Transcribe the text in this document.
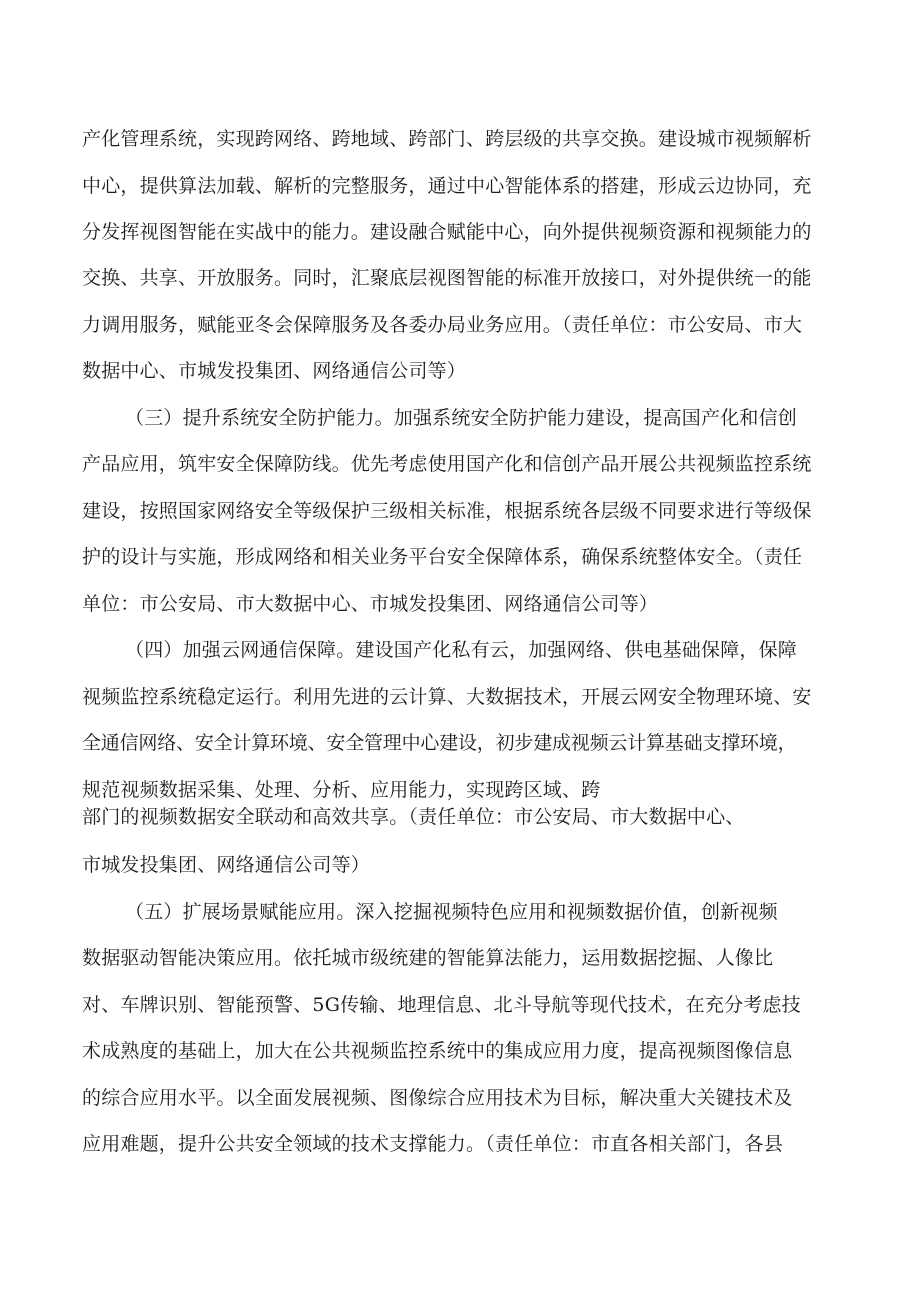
产化管理系统，实现跨网络、跨地域、跨部门、跨层级的共享交换。建设城市视频解析
中心，提供算法加载、解析的完整服务，通过中心智能体系的搭建，形成云边协同，充
分发挥视图智能在实战中的能力。建设融合赋能中心，向外提供视频资源和视频能力的
交换、共享、开放服务。同时，汇聚底层视图智能的标准开放接口，对外提供统一的能
力调用服务，赋能亚冬会保障服务及各委办局业务应用。（责任单位：市公安局、市大
数据中心、市城发投集团、网络通信公司等）
（三）提升系统安全防护能力。加强系统安全防护能力建设，提高国产化和信创
产品应用，筑牢安全保障防线。优先考虑使用国产化和信创产品开展公共视频监控系统
建设，按照国家网络安全等级保护三级相关标准，根据系统各层级不同要求进行等级保
护的设计与实施，形成网络和相关业务平台安全保障体系，确保系统整体安全。（责任
单位：市公安局、市大数据中心、市城发投集团、网络通信公司等）
（四）加强云网通信保障。建设国产化私有云，加强网络、供电基础保障，保障
视频监控系统稳定运行。利用先进的云计算、大数据技术，开展云网安全物理环境、安
全通信网络、安全计算环境、安全管理中心建设，初步建成视频云计算基础支撑环境，
规范视频数据采集、处理、分析、应用能力，实现跨区域、跨
部门的视频数据安全联动和高效共享。（责任单位：市公安局、市大数据中心、
市城发投集团、网络通信公司等）
（五）扩展场景赋能应用。深入挖掘视频特色应用和视频数据价值，创新视频
数据驱动智能决策应用。依托城市级统建的智能算法能力，运用数据挖掘、人像比
对、车牌识别、智能预警、5G传输、地理信息、北斗导航等现代技术，在充分考虑技
术成熟度的基础上，加大在公共视频监控系统中的集成应用力度，提高视频图像信息
的综合应用水平。以全面发展视频、图像综合应用技术为目标，解决重大关键技术及
应用难题，提升公共安全领域的技术支撑能力。（责任单位：市直各相关部门，各县
